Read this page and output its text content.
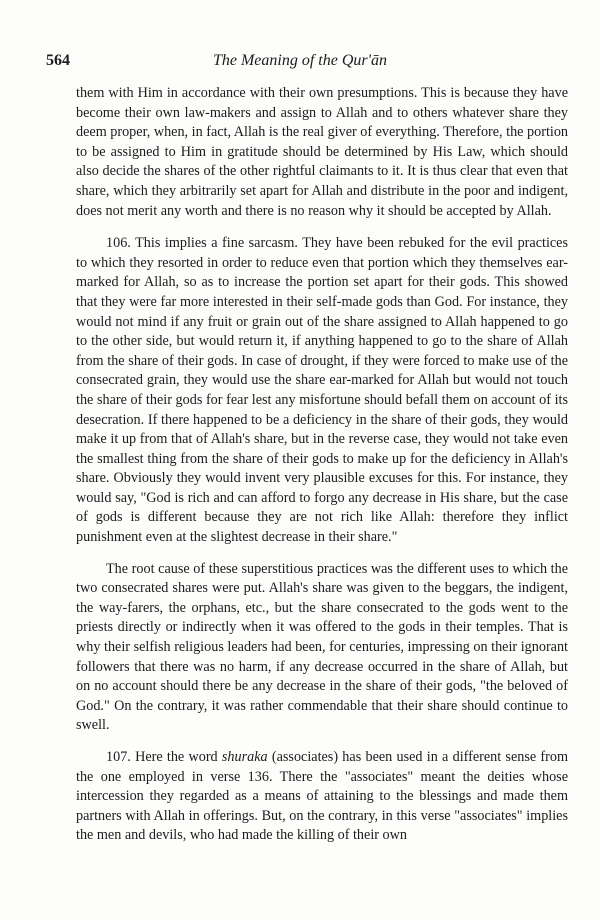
564	The Meaning of the Qur'ān

them with Him in accordance with their own presumptions. This is because they have become their own law-makers and assign to Allah and to others whatever share they deem proper, when, in fact, Allah is the real giver of everything. Therefore, the portion to be assigned to Him in gratitude should be determined by His Law, which should also decide the shares of the other rightful claimants to it. It is thus clear that even that share, which they arbitrarily set apart for Allah and distribute in the poor and indigent, does not merit any worth and there is no reason why it should be accepted by Allah.

106. This implies a fine sarcasm. They have been rebuked for the evil practices to which they resorted in order to reduce even that portion which they themselves ear-marked for Allah, so as to increase the portion set apart for their gods. This showed that they were far more interested in their self-made gods than God. For instance, they would not mind if any fruit or grain out of the share assigned to Allah happened to go to the other side, but would return it, if anything happened to go to the share of Allah from the share of their gods. In case of drought, if they were forced to make use of the consecrated grain, they would use the share ear-marked for Allah but would not touch the share of their gods for fear lest any misfortune should befall them on account of its desecration. If there happened to be a deficiency in the share of their gods, they would make it up from that of Allah's share, but in the reverse case, they would not take even the smallest thing from the share of their gods to make up for the deficiency in Allah's share. Obviously they would invent very plausible excuses for this. For instance, they would say, "God is rich and can afford to forgo any decrease in His share, but the case of gods is different because they are not rich like Allah: therefore they inflict punishment even at the slightest decrease in their share."

The root cause of these superstitious practices was the different uses to which the two consecrated shares were put. Allah's share was given to the beggars, the indigent, the way-farers, the orphans, etc., but the share consecrated to the gods went to the priests directly or indirectly when it was offered to the gods in their temples. That is why their selfish religious leaders had been, for centuries, impressing on their ignorant followers that there was no harm, if any decrease occurred in the share of Allah, but on no account should there be any decrease in the share of their gods, "the beloved of God." On the contrary, it was rather commendable that their share should continue to swell.

107. Here the word shuraka (associates) has been used in a different sense from the one employed in verse 136. There the "associates" meant the deities whose intercession they regarded as a means of attaining to the blessings and made them partners with Allah in offerings. But, on the contrary, in this verse "associates" implies the men and devils, who had made the killing of their own
